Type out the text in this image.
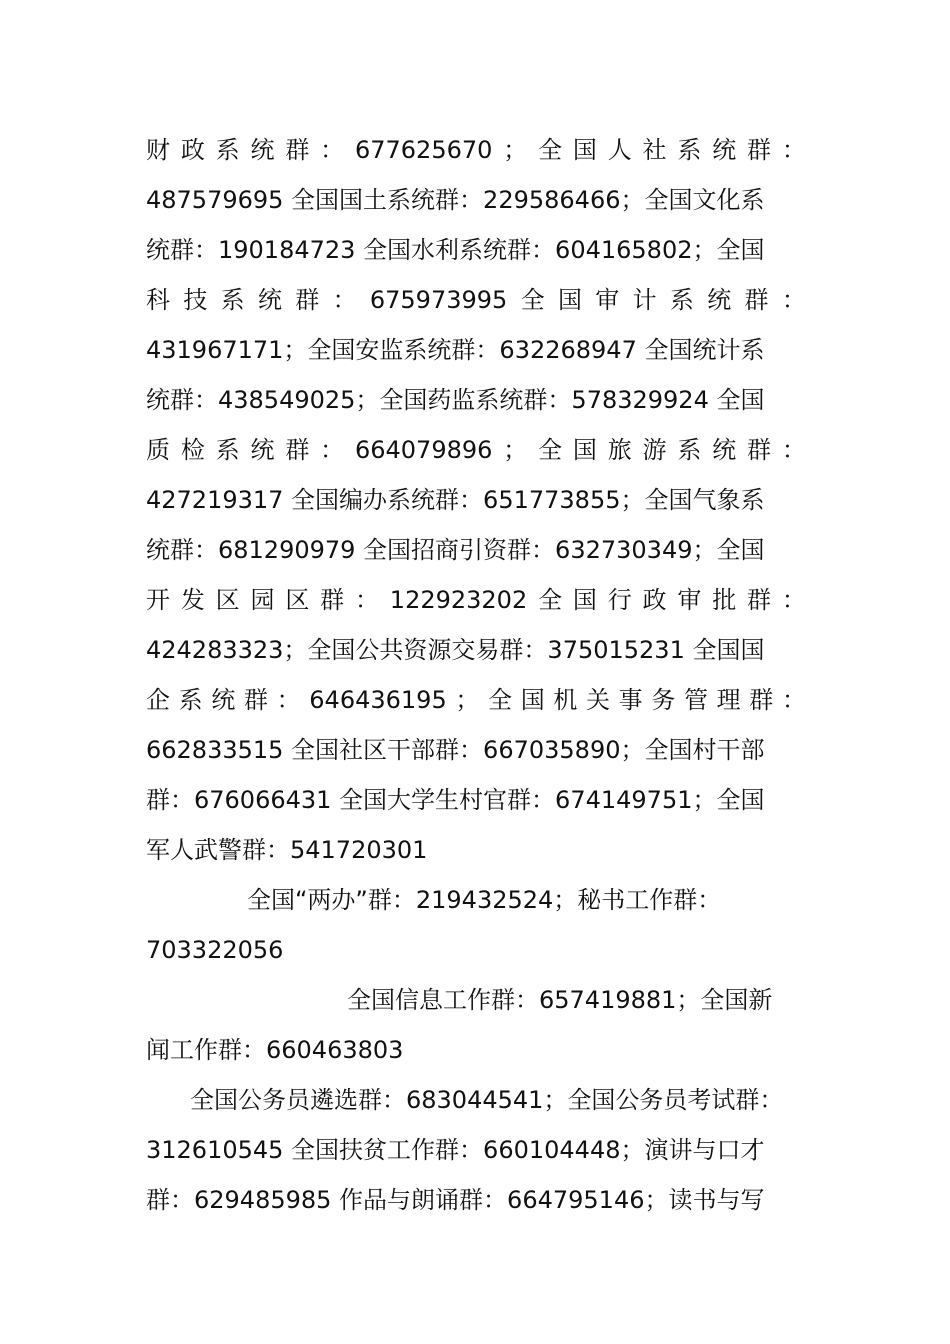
财 政 系 统 群 ： 677625670 ； 全 国 人 社 系 统 群 ：
487579695 全国国土系统群：229586466；全国文化系
统群：190184723 全国水利系统群：604165802；全国
科 技 系 统 群 ： 675973995 全 国 审 计 系 统 群 ：
431967171；全国安监系统群：632268947 全国统计系
统群：438549025；全国药监系统群：578329924 全国
质 检 系 统 群 ： 664079896 ； 全 国 旅 游 系 统 群 ：
427219317 全国编办系统群：651773855；全国气象系
统群：681290979 全国招商引资群：632730349；全国
开 发 区 园 区 群 ： 122923202 全 国 行 政 审 批 群 ：
424283323；全国公共资源交易群：375015231 全国国
企 系 统 群 ： 646436195 ； 全 国 机 关 事 务 管 理 群 ：
662833515 全国社区干部群：667035890；全国村干部
群：676066431 全国大学生村官群：674149751；全国
军人武警群：541720301
全国“两办”群：219432524；秘书工作群：
703322056
全国信息工作群：657419881；全国新
闻工作群：660463803
全国公务员遴选群：683044541；全国公务员考试群：
312610545 全国扶贫工作群：660104448；演讲与口才
群：629485985 作品与朗诵群：664795146；读书与写
